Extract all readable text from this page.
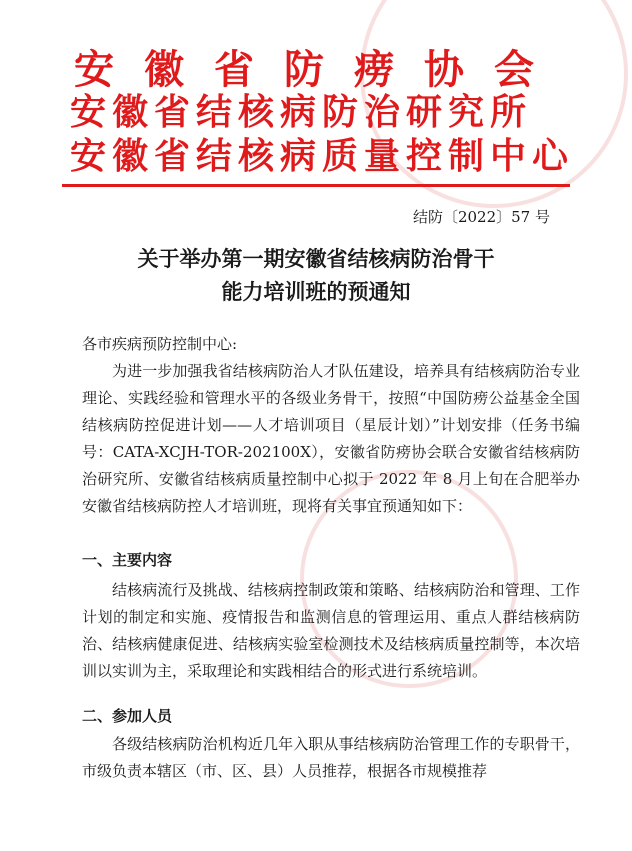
安徽省防痨协会
安徽省结核病防治研究所
安徽省结核病质量控制中心
结防〔2022〕57 号
关于举办第一期安徽省结核病防治骨干
能力培训班的预通知
各市疾病预防控制中心:

为进一步加强我省结核病防治人才队伍建设，培养具有结核病防治专业理论、实践经验和管理水平的各级业务骨干，按照“中国防痨公益基金全国结核病防控促进计划——人才培训项目（星辰计划）”计划安排（任务书编号：CATA-XCJH-TOR-202100X），安徽省防痨协会联合安徽省结核病防治研究所、安徽省结核病质量控制中心拟于 2022 年 8 月上旬在合肥举办安徽省结核病防控人才培训班，现将有关事宜预通知如下：

一、主要内容

结核病流行及挑战、结核病控制政策和策略、结核病防治和管理、工作计划的制定和实施、疫情报告和监测信息的管理运用、重点人群结核病防治、结核病健康促进、结核病实验室检测技术及结核病质量控制等，本次培训以实训为主，采取理论和实践相结合的形式进行系统培训。

二、参加人员

各级结核病防治机构近几年入职从事结核病防治管理工作的专职骨干，市级负责本辖区（市、区、县）人员推荐，根据各市规模推荐
